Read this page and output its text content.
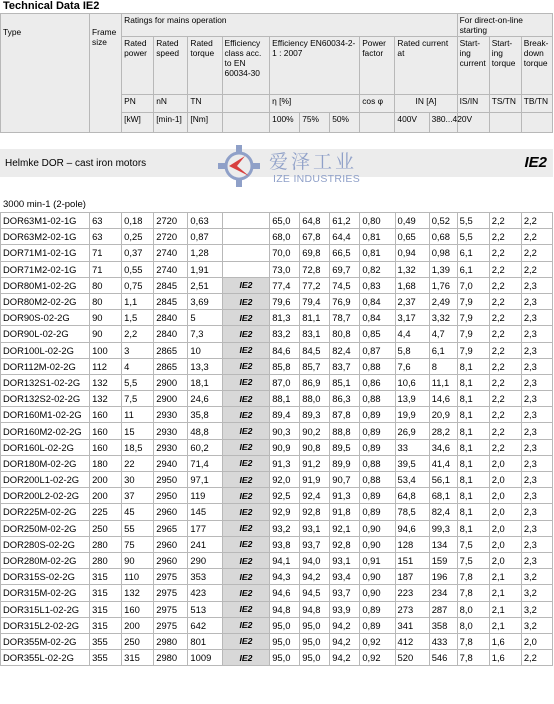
Technical Data IE2
Type	Frame size	Ratings for mains operation										For direct-on-line starting		
		Rated power	Rated speed	Rated torque	Efficiency class acc. to EN 60034-30	Efficiency EN60034-2-1 : 2007			Power factor	Rated current at		Start-ing current	Start-ing torque	Break-down torque
		PN	nN	TN		η [%]			cos φ	IN [A]		IS/IN	TS/TN	TB/TN
		[kW]	[min-1]	[Nm]		100%	75%	50%		400V	380...420V			
Helmke DOR – cast iron motors	IE2
爱泽工业
IZE INDUSTRIES
3000 min-1 (2-pole)
DOR63M1-02-1G	63	0,18	2720	0,63		65,0	64,8	61,2	0,80	0,49	0,52	5,5	2,2	2,2
DOR63M2-02-1G	63	0,25	2720	0,87		68,0	67,8	64,4	0,81	0,65	0,68	5,5	2,2	2,2
DOR71M1-02-1G	71	0,37	2740	1,28		70,0	69,8	66,5	0,81	0,94	0,98	6,1	2,2	2,2
DOR71M2-02-1G	71	0,55	2740	1,91		73,0	72,8	69,7	0,82	1,32	1,39	6,1	2,2	2,2
DOR80M1-02-2G	80	0,75	2845	2,51	IE2	77,4	77,2	74,5	0,83	1,68	1,76	7,0	2,2	2,3
DOR80M2-02-2G	80	1,1	2845	3,69	IE2	79,6	79,4	76,9	0,84	2,37	2,49	7,9	2,2	2,3
DOR90S-02-2G	90	1,5	2840	5	IE2	81,3	81,1	78,7	0,84	3,17	3,32	7,9	2,2	2,3
DOR90L-02-2G	90	2,2	2840	7,3	IE2	83,2	83,1	80,8	0,85	4,4	4,7	7,9	2,2	2,3
DOR100L-02-2G	100	3	2865	10	IE2	84,6	84,5	82,4	0,87	5,8	6,1	7,9	2,2	2,3
DOR112M-02-2G	112	4	2865	13,3	IE2	85,8	85,7	83,7	0,88	7,6	8	8,1	2,2	2,3
DOR132S1-02-2G	132	5,5	2900	18,1	IE2	87,0	86,9	85,1	0,86	10,6	11,1	8,1	2,2	2,3
DOR132S2-02-2G	132	7,5	2900	24,6	IE2	88,1	88,0	86,3	0,88	13,9	14,6	8,1	2,2	2,3
DOR160M1-02-2G	160	11	2930	35,8	IE2	89,4	89,3	87,8	0,89	19,9	20,9	8,1	2,2	2,3
DOR160M2-02-2G	160	15	2930	48,8	IE2	90,3	90,2	88,8	0,89	26,9	28,2	8,1	2,2	2,3
DOR160L-02-2G	160	18,5	2930	60,2	IE2	90,9	90,8	89,5	0,89	33	34,6	8,1	2,2	2,3
DOR180M-02-2G	180	22	2940	71,4	IE2	91,3	91,2	89,9	0,88	39,5	41,4	8,1	2,0	2,3
DOR200L1-02-2G	200	30	2950	97,1	IE2	92,0	91,9	90,7	0,88	53,4	56,1	8,1	2,0	2,3
DOR200L2-02-2G	200	37	2950	119	IE2	92,5	92,4	91,3	0,89	64,8	68,1	8,1	2,0	2,3
DOR225M-02-2G	225	45	2960	145	IE2	92,9	92,8	91,8	0,89	78,5	82,4	8,1	2,0	2,3
DOR250M-02-2G	250	55	2965	177	IE2	93,2	93,1	92,1	0,90	94,6	99,3	8,1	2,0	2,3
DOR280S-02-2G	280	75	2960	241	IE2	93,8	93,7	92,8	0,90	128	134	7,5	2,0	2,3
DOR280M-02-2G	280	90	2960	290	IE2	94,1	94,0	93,1	0,91	151	159	7,5	2,0	2,3
DOR315S-02-2G	315	110	2975	353	IE2	94,3	94,2	93,4	0,90	187	196	7,8	2,1	3,2
DOR315M-02-2G	315	132	2975	423	IE2	94,6	94,5	93,7	0,90	223	234	7,8	2,1	3,2
DOR315L1-02-2G	315	160	2975	513	IE2	94,8	94,8	93,9	0,89	273	287	8,0	2,1	3,2
DOR315L2-02-2G	315	200	2975	642	IE2	95,0	95,0	94,2	0,89	341	358	8,0	2,1	3,2
DOR355M-02-2G	355	250	2980	801	IE2	95,0	95,0	94,2	0,92	412	433	7,8	1,6	2,0
DOR355L-02-2G	355	315	2980	1009	IE2	95,0	95,0	94,2	0,92	520	546	7,8	1,6	2,2
